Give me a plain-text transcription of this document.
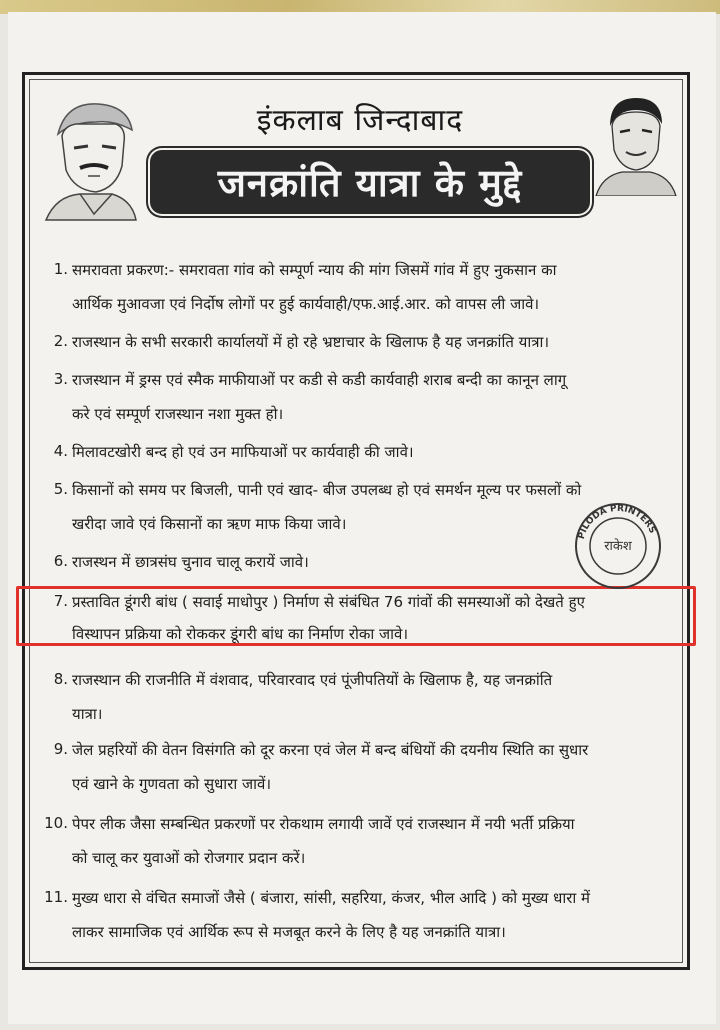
इंकलाब जिन्दाबाद
जनक्रांति यात्रा के मुद्दे
1. समरावता प्रकरण:- समरावता गांव को सम्पूर्ण न्याय की मांग जिसमें गांव में हुए नुकसान का
आर्थिक मुआवजा एवं निर्दोष लोगों पर हुई कार्यवाही/एफ.आई.आर. को वापस ली जावे।
2. राजस्थान के सभी सरकारी कार्यालयों में हो रहे भ्रष्टाचार के खिलाफ है यह जनक्रांति यात्रा।
3. राजस्थान में ड्रग्स एवं स्मैक माफीयाओं पर कडी से कडी कार्यवाही शराब बन्दी का कानून लागू
करे एवं सम्पूर्ण राजस्थान नशा मुक्त हो।
4. मिलावटखोरी बन्द हो एवं उन माफियाओं पर कार्यवाही की जावे।
5. किसानों को समय पर बिजली, पानी एवं खाद- बीज उपलब्ध हो एवं समर्थन मूल्य पर फसलों को
खरीदा जावे एवं किसानों का ऋण माफ किया जावे।
6. राजस्थन में छात्रसंघ चुनाव चालू करायें जावे।
7. प्रस्तावित डूंगरी बांध ( सवाई माधोपुर ) निर्माण से संबंधित 76 गांवों की समस्याओं को देखते हुए
विस्थापन प्रक्रिया को रोककर डूंगरी बांध का निर्माण रोका जावे।
8. राजस्थान की राजनीति में वंशवाद, परिवारवाद एवं पूंजीपतियों के खिलाफ है, यह जनक्रांति
यात्रा।
9. जेल प्रहरियों की वेतन विसंगति को दूर करना एवं जेल में बन्द बंधियों की दयनीय स्थिति का सुधार
एवं खाने के गुणवता को सुधारा जावें।
10. पेपर लीक जैसा सम्बन्धित प्रकरणों पर रोकथाम लगायी जावें एवं राजस्थान में नयी भर्ती प्रक्रिया
को चालू कर युवाओं को रोजगार प्रदान करें।
11. मुख्य धारा से वंचित समाजों जैसे ( बंजारा, सांसी, सहरिया, कंजर, भील आदि ) को मुख्य धारा में
लाकर सामाजिक एवं आर्थिक रूप से मजबूत करने के लिए है यह जनक्रांति यात्रा।
PILODA PRINTERS
राकेश
